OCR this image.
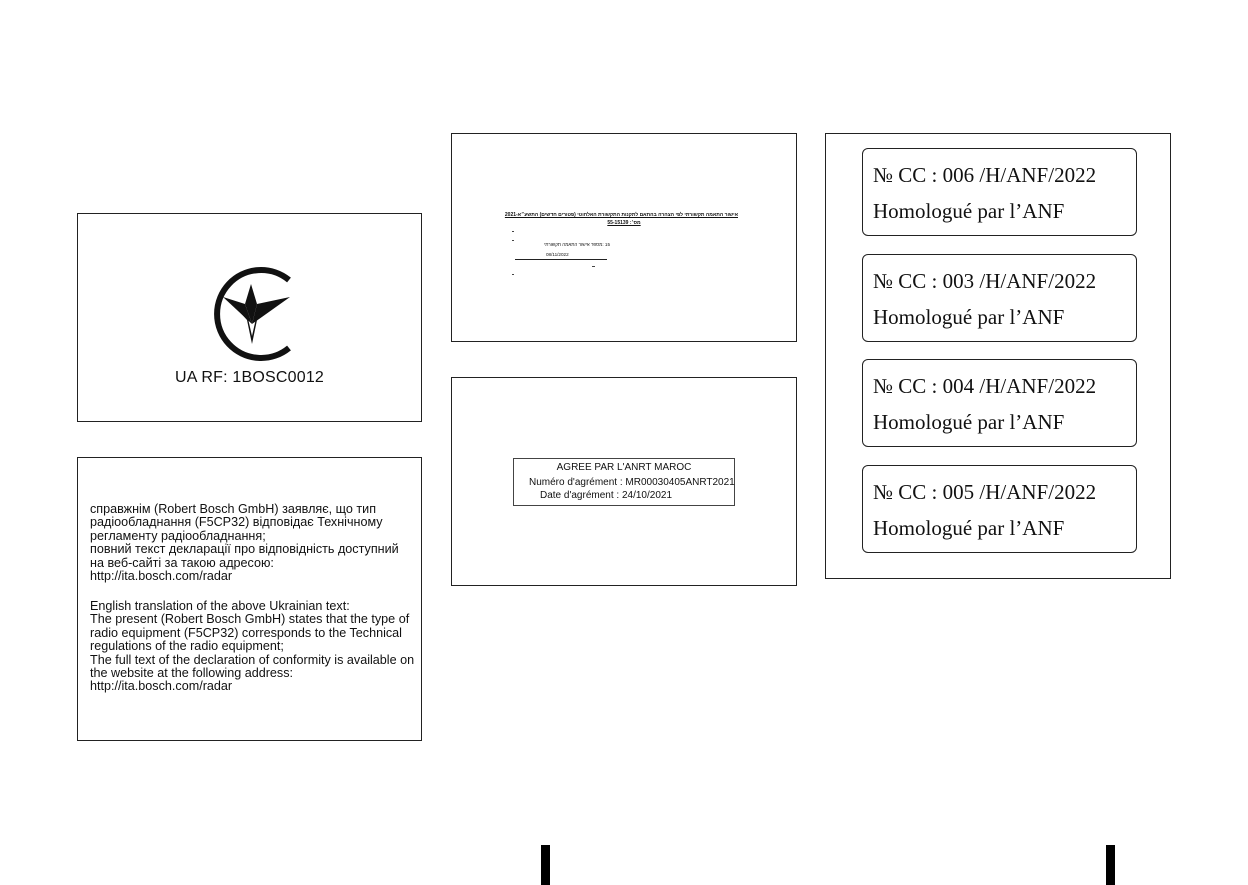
UA RF: 1BOSC0012
справжнім (Robert Bosch GmbH) заявляє, що тип
радіообладнання (F5CP32) відповідає Технічному
регламенту радіообладнання;
повний текст декларації про відповідність доступний
на веб-сайті за такою адресою:
http://ita.bosch.com/radar
English translation of the above Ukrainian text:
The present (Robert Bosch GmbH) states that the type of
radio equipment (F5CP32) corresponds to the Technical
regulations of the radio equipment;
The full text of the declaration of conformity is available on
the website at the following address:
http://ita.bosch.com/radar
אישור התאמה תקשורתי לפי הצהרה בהתאם לתקנות התקשורת האלחוטי (פטורים חדשים) התשע״א-2021
מס׳: 55-15139
15 :מספר אישור התאמה תקשורתי
08/11/2022
AGREE PAR L'ANRT MAROC
Numéro d'agrément : MR00030405ANRT2021
Date d'agrément : 24/10/2021
№ CC : 006 /H/ANF/2022
Homologué par l’ANF
№ CC : 003 /H/ANF/2022
Homologué par l’ANF
№ CC : 004 /H/ANF/2022
Homologué par l’ANF
№ CC : 005 /H/ANF/2022
Homologué par l’ANF
